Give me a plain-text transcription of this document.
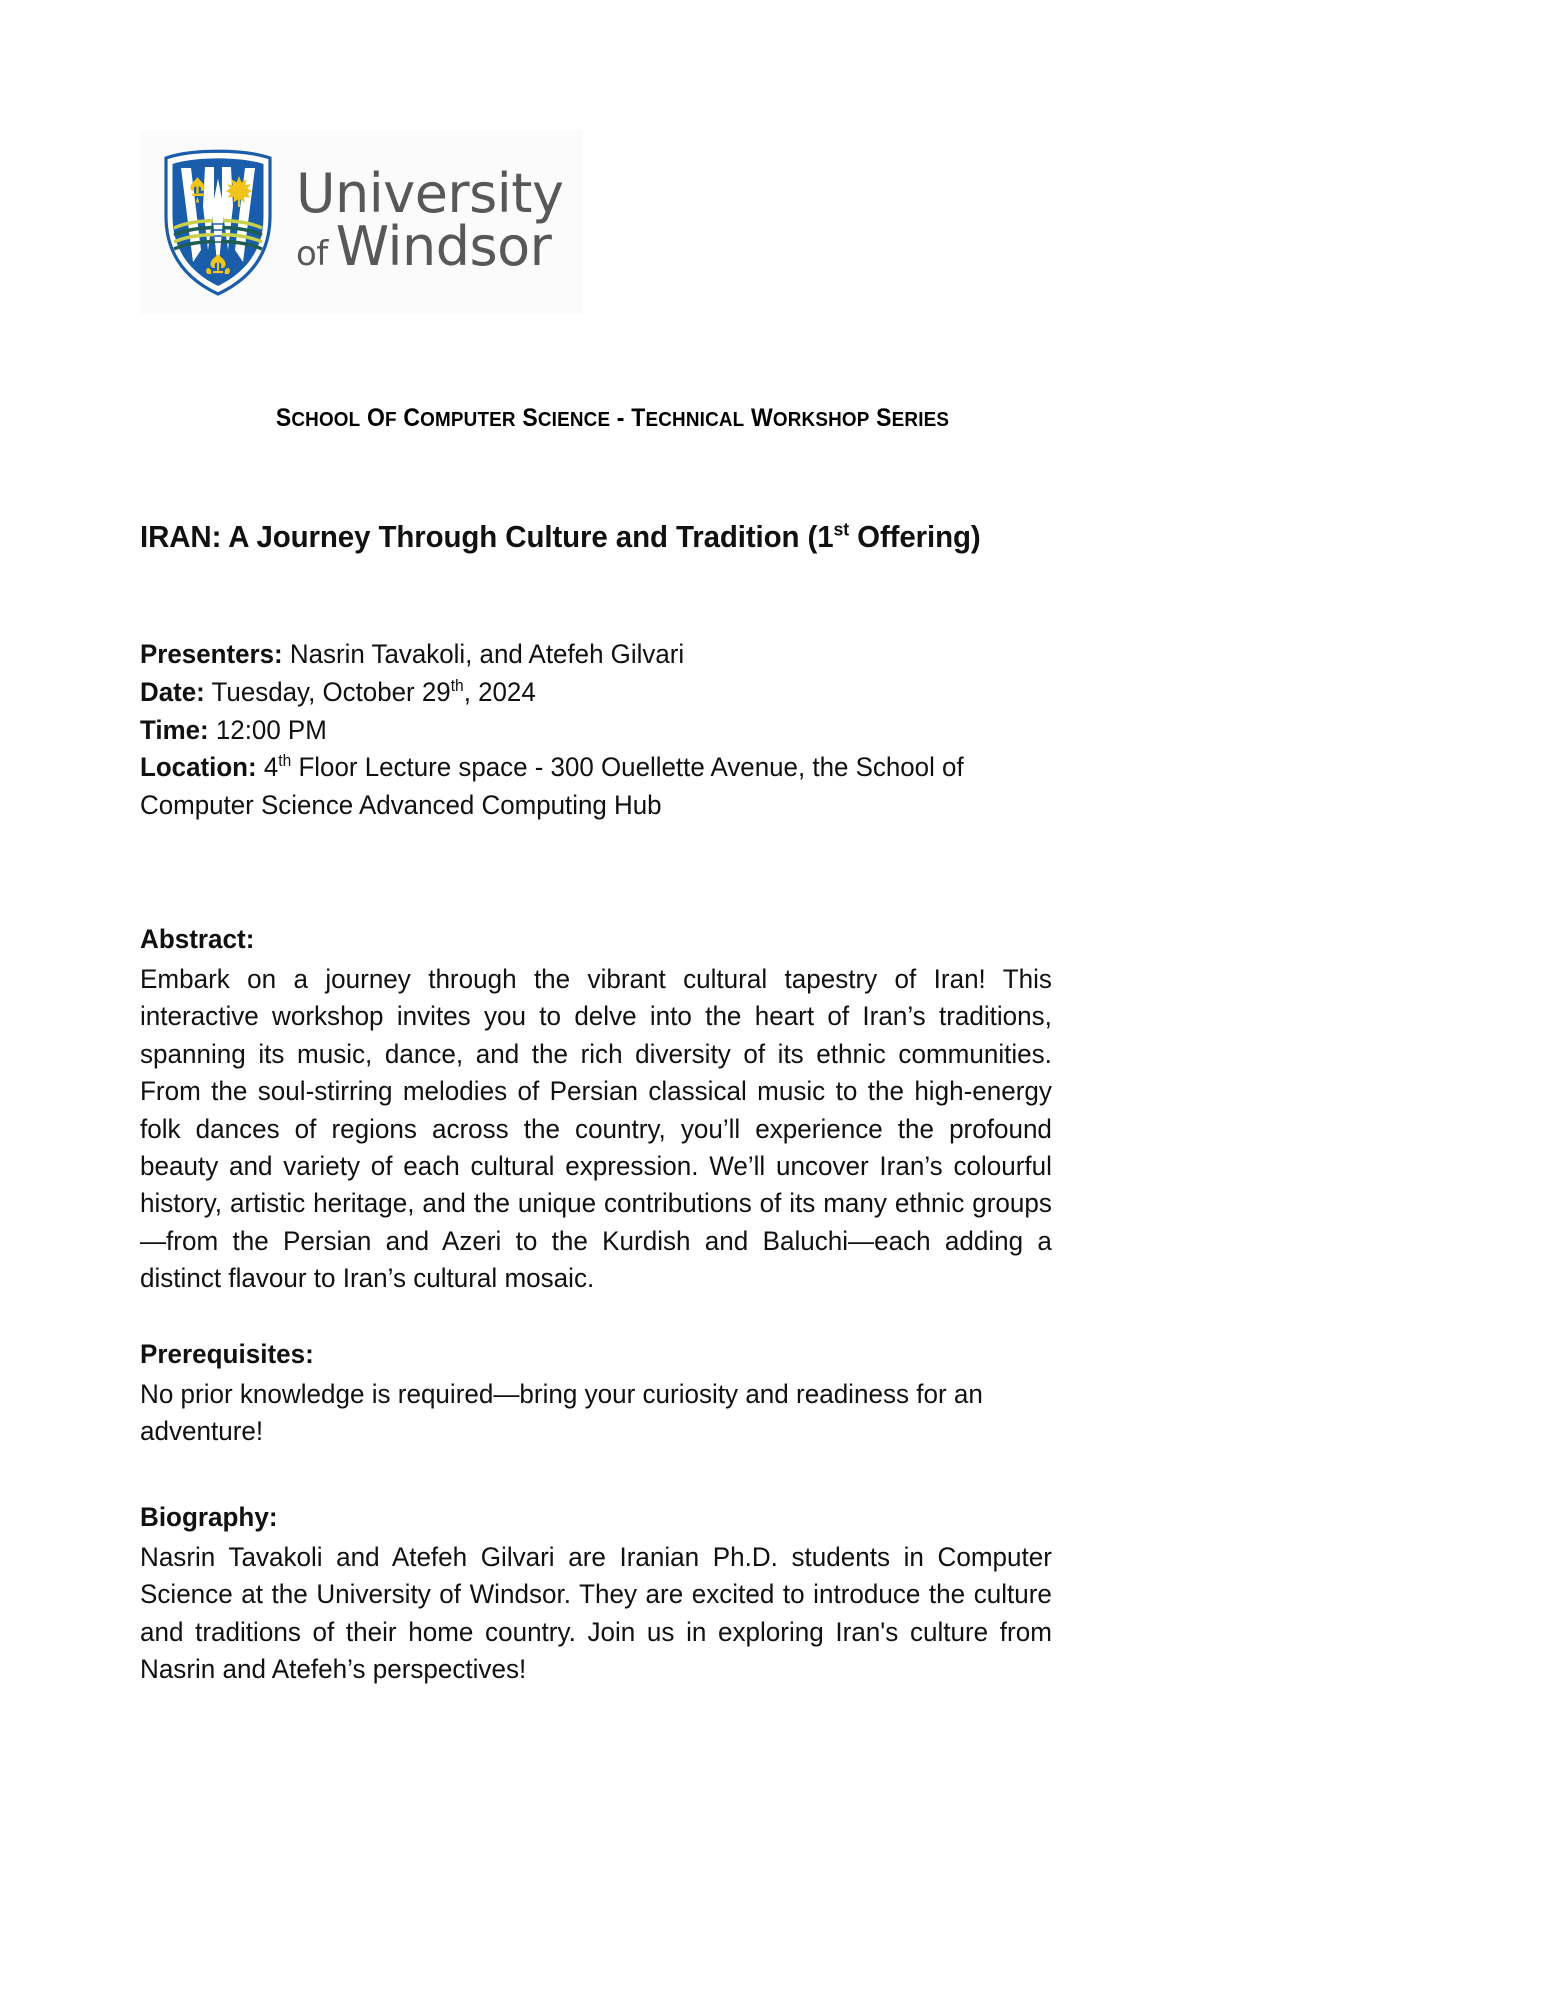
University
of Windsor
SCHOOL OF COMPUTER SCIENCE - TECHNICAL WORKSHOP SERIES
IRAN: A Journey Through Culture and Tradition (1st Offering)
Presenters: Nasrin Tavakoli, and Atefeh Gilvari
Date: Tuesday, October 29th, 2024
Time: 12:00 PM
Location: 4th Floor Lecture space - 300 Ouellette Avenue, the School of Computer Science Advanced Computing Hub
Abstract:

Embark on a journey through the vibrant cultural tapestry of Iran! This interactive workshop invites you to delve into the heart of Iran’s traditions, spanning its music, dance, and the rich diversity of its ethnic communities. From the soul-stirring melodies of Persian classical music to the high-energy folk dances of regions across the country, you’ll experience the profound beauty and variety of each cultural expression. We’ll uncover Iran’s colourful history, artistic heritage, and the unique contributions of its many ethnic groups—from the Persian and Azeri to the Kurdish and Baluchi—each adding a distinct flavour to Iran’s cultural mosaic.

Prerequisites:

No prior knowledge is required—bring your curiosity and readiness for an adventure!

Biography:

Nasrin Tavakoli and Atefeh Gilvari are Iranian Ph.D. students in Computer Science at the University of Windsor. They are excited to introduce the culture and traditions of their home country. Join us in exploring Iran's culture from Nasrin and Atefeh’s perspectives!
